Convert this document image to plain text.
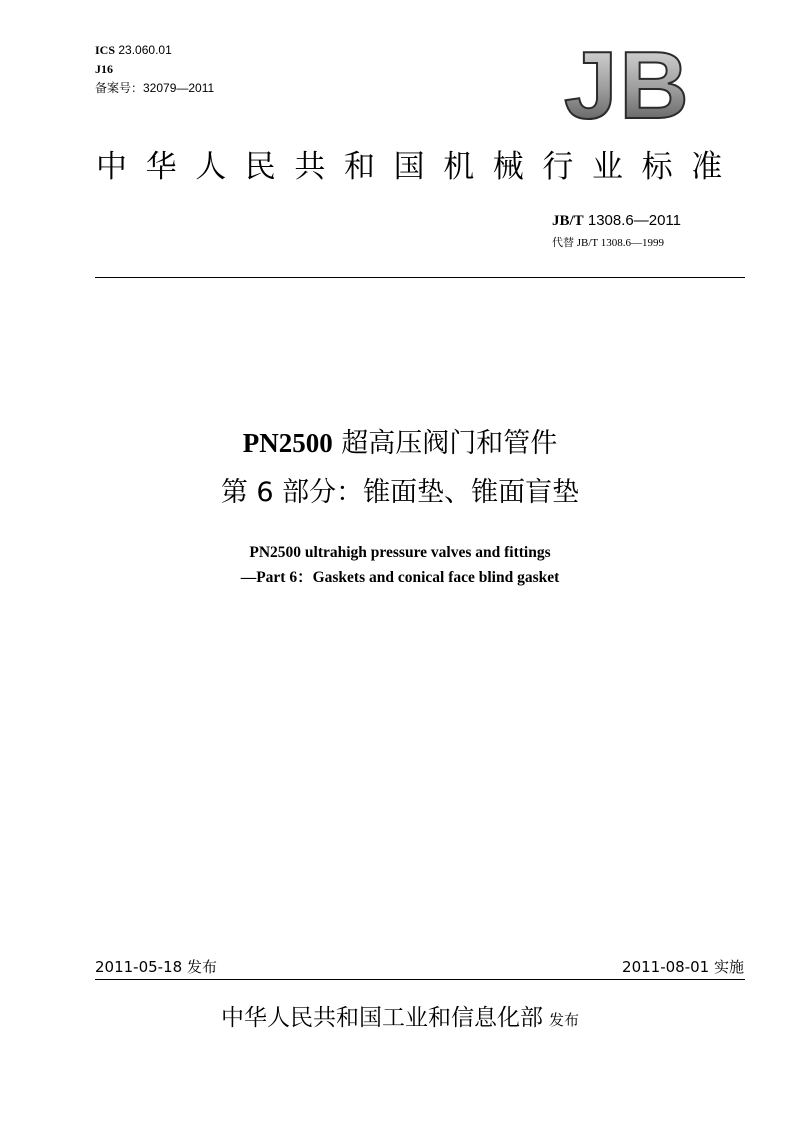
ICS 23.060.01
J16
备案号：32079—2011	JB
中华人民共和国机械行业标准
JB/T 1308.6—2011
代替 JB/T 1308.6—1999
PN2500 超高压阀门和管件
第 6 部分：锥面垫、锥面盲垫
PN2500 ultrahigh pressure valves and fittings
—Part 6：Gaskets and conical face blind gasket
2011-05-18 发布	2011-08-01 实施
中华人民共和国工业和信息化部 发布
